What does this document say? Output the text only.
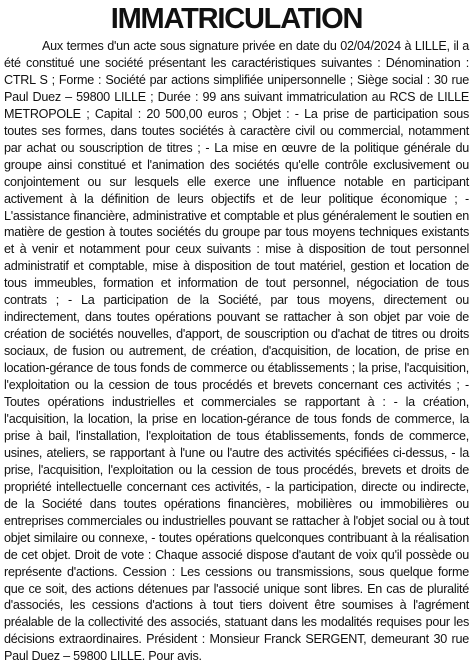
IMMATRICULATION

Aux termes d'un acte sous signature privée en date du 02/04/2024 à LILLE, il a été constitué une société présentant les caractéristiques suivantes : Dénomination : CTRL S ; Forme : Société par actions simplifiée unipersonnelle ; Siège social : 30 rue Paul Duez – 59800 LILLE ; Durée : 99 ans suivant immatriculation au RCS de LILLE METROPOLE ; Capital : 20 500,00 euros ; Objet : - La prise de participation sous toutes ses formes, dans toutes sociétés à caractère civil ou commercial, notamment par achat ou souscription de titres ; - La mise en œuvre de la politique générale du groupe ainsi constitué et l'animation des sociétés qu'elle contrôle exclusivement ou conjointement ou sur lesquels elle exerce une influence notable en participant activement à la définition de leurs objectifs et de leur politique économique ; - L'assistance financière, administrative et comptable et plus généralement le soutien en matière de gestion à toutes sociétés du groupe par tous moyens techniques existants et à venir et notamment pour ceux suivants : mise à disposition de tout personnel administratif et comptable, mise à disposition de tout matériel, gestion et location de tous immeubles, formation et information de tout personnel, négociation de tous contrats ; - La participation de la Société, par tous moyens, directement ou indirectement, dans toutes opérations pouvant se rattacher à son objet par voie de création de sociétés nouvelles, d'apport, de souscription ou d'achat de titres ou droits sociaux, de fusion ou autrement, de création, d'acquisition, de location, de prise en location-gérance de tous fonds de commerce ou établissements ; la prise, l'acquisition, l'exploitation ou la cession de tous procédés et brevets concernant ces activités ; - Toutes opérations industrielles et commerciales se rapportant à : - la création, l'acquisition, la location, la prise en location-gérance de tous fonds de commerce, la prise à bail, l'installation, l'exploitation de tous établissements, fonds de commerce, usines, ateliers, se rapportant à l'une ou l'autre des activités spécifiées ci-dessus, - la prise, l'acquisition, l'exploitation ou la cession de tous procédés, brevets et droits de propriété intellectuelle concernant ces activités, - la participation, directe ou indirecte, de la Société dans toutes opérations financières, mobilières ou immobilières ou entreprises commerciales ou industrielles pouvant se rattacher à l'objet social ou à tout objet similaire ou connexe, - toutes opérations quelconques contribuant à la réalisation de cet objet. Droit de vote : Chaque associé dispose d'autant de voix qu'il possède ou représente d'actions. Cession : Les cessions ou transmissions, sous quelque forme que ce soit, des actions détenues par l'associé unique sont libres. En cas de pluralité d'associés, les cessions d'actions à tout tiers doivent être soumises à l'agrément préalable de la collectivité des associés, statuant dans les modalités requises pour les décisions extraordinaires. Président : Monsieur Franck SERGENT, demeurant 30 rue Paul Duez – 59800 LILLE. Pour avis.
